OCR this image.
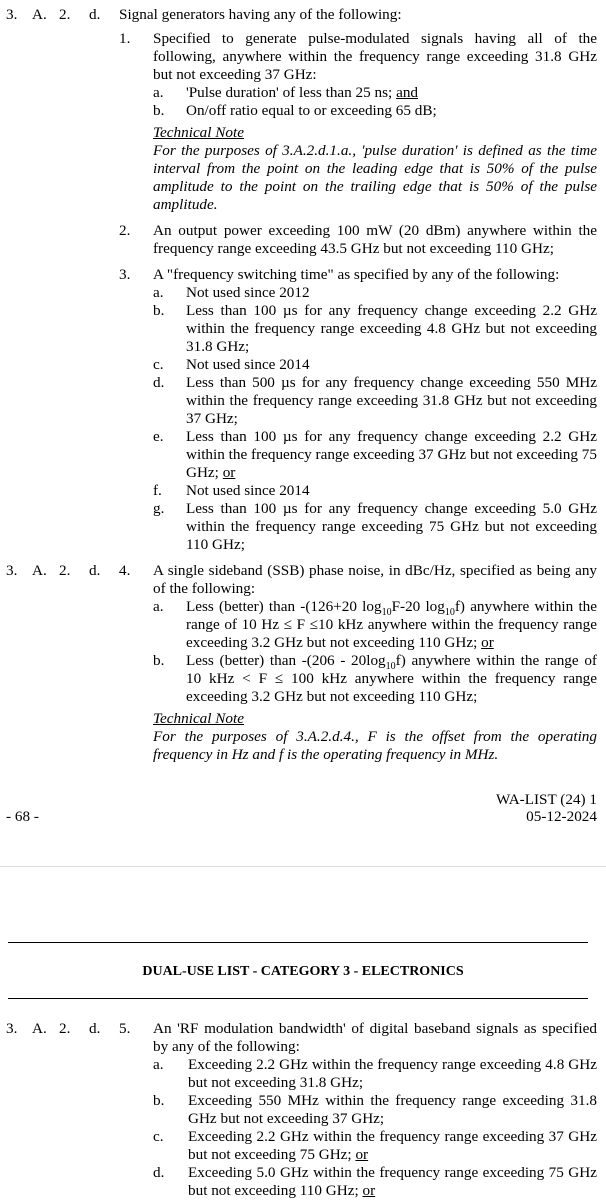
3. A. 2. d. Signal generators having any of the following:
1. Specified to generate pulse-modulated signals having all of the following, anywhere within the frequency range exceeding 31.8 GHz but not exceeding 37 GHz:
a. 'Pulse duration' of less than 25 ns; and
b. On/off ratio equal to or exceeding 65 dB;
Technical Note
For the purposes of 3.A.2.d.1.a., 'pulse duration' is defined as the time interval from the point on the leading edge that is 50% of the pulse amplitude to the point on the trailing edge that is 50% of the pulse amplitude.
2. An output power exceeding 100 mW (20 dBm) anywhere within the frequency range exceeding 43.5 GHz but not exceeding 110 GHz;
3. A "frequency switching time" as specified by any of the following:
a. Not used since 2012
b. Less than 100 µs for any frequency change exceeding 2.2 GHz within the frequency range exceeding 4.8 GHz but not exceeding 31.8 GHz;
c. Not used since 2014
d. Less than 500 µs for any frequency change exceeding 550 MHz within the frequency range exceeding 31.8 GHz but not exceeding 37 GHz;
e. Less than 100 µs for any frequency change exceeding 2.2 GHz within the frequency range exceeding 37 GHz but not exceeding 75 GHz; or
f. Not used since 2014
g. Less than 100 µs for any frequency change exceeding 5.0 GHz within the frequency range exceeding 75 GHz but not exceeding 110 GHz;
3. A. 2. d. 4. A single sideband (SSB) phase noise, in dBc/Hz, specified as being any of the following:
a. Less (better) than -(126+20 $\log_{10}F-20$ $\log_{10}f$) anywhere within the range of 10 Hz ≤ F ≤10 kHz anywhere within the frequency range exceeding 3.2 GHz but not exceeding 110 GHz; or
b. Less (better) than $-(206 - 20\log_{10}f)$ anywhere within the range of 10 kHz < F ≤ 100 kHz anywhere within the frequency range exceeding 3.2 GHz but not exceeding 110 GHz;
Technical Note
For the purposes of 3.A.2.d.4., F is the offset from the operating frequency in Hz and f is the operating frequency in MHz.
WA-LIST (24) 1
05-12-2024
- 68 -
DUAL-USE LIST - CATEGORY 3 - ELECTRONICS
3. A. 2. d. 5. An 'RF modulation bandwidth' of digital baseband signals as specified by any of the following:
a. Exceeding 2.2 GHz within the frequency range exceeding 4.8 GHz but not exceeding 31.8 GHz;
b. Exceeding 550 MHz within the frequency range exceeding 31.8 GHz but not exceeding 37 GHz;
c. Exceeding 2.2 GHz within the frequency range exceeding 37 GHz but not exceeding 75 GHz; or
d. Exceeding 5.0 GHz within the frequency range exceeding 75 GHz but not exceeding 110 GHz; or
